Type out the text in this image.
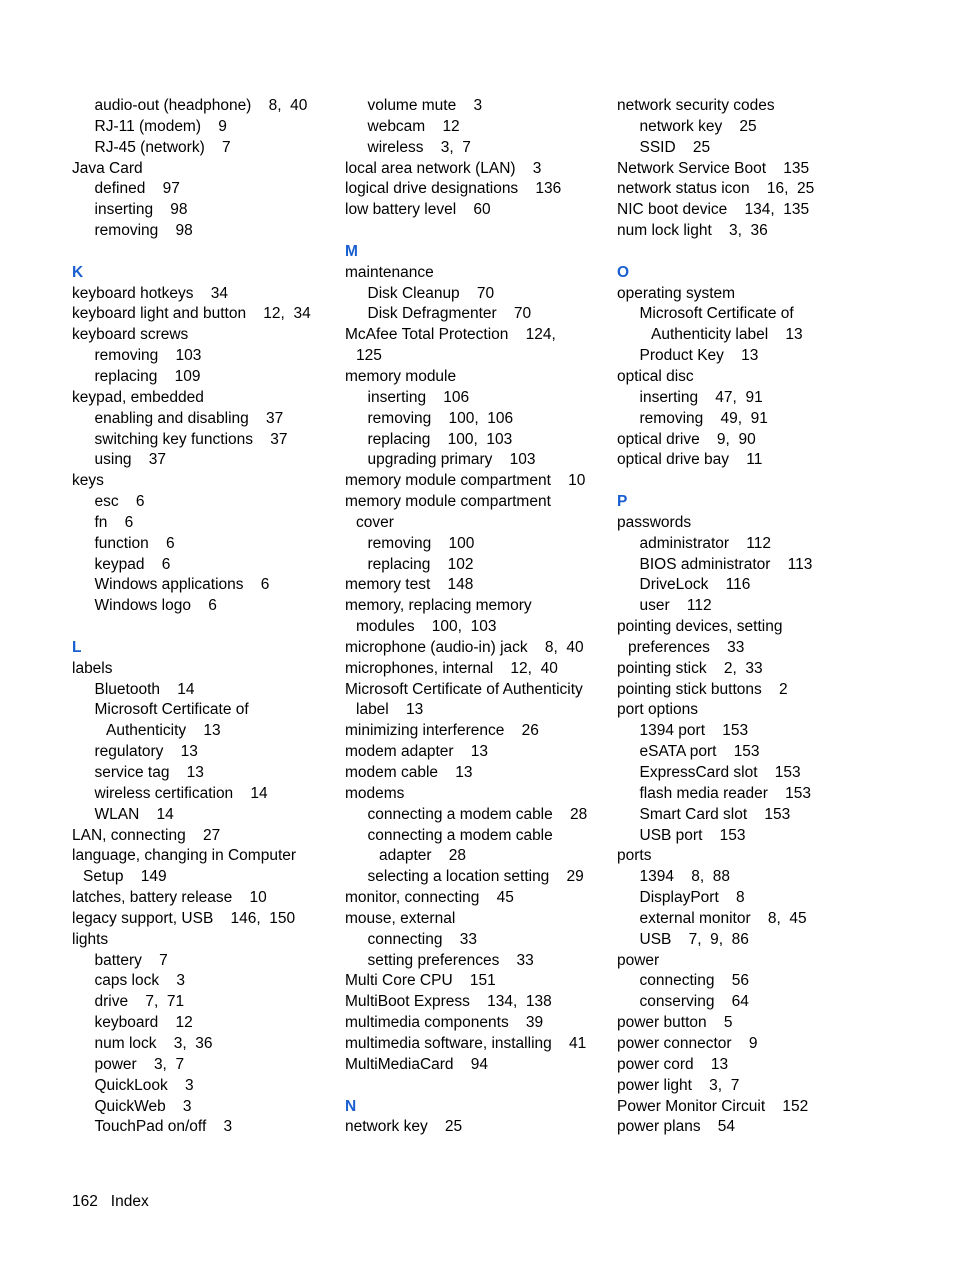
audio-out (headphone)    8,  40
RJ-11 (modem)    9
RJ-45 (network)    7
Java Card
defined    97
inserting    98
removing    98
K
keyboard hotkeys    34
keyboard light and button    12,  34
keyboard screws
removing    103
replacing    109
keypad, embedded
enabling and disabling    37
switching key functions    37
using    37
keys
esc    6
fn    6
function    6
keypad    6
Windows applications    6
Windows logo    6
L
labels
Bluetooth    14
Microsoft Certificate of
Authenticity    13
regulatory    13
service tag    13
wireless certification    14
WLAN    14
LAN, connecting    27
language, changing in Computer
Setup    149
latches, battery release    10
legacy support, USB    146,  150
lights
battery    7
caps lock    3
drive    7,  71
keyboard    12
num lock    3,  36
power    3,  7
QuickLook    3
QuickWeb    3
TouchPad on/off    3
volume mute    3
webcam    12
wireless    3,  7
local area network (LAN)    3
logical drive designations    136
low battery level    60
M
maintenance
Disk Cleanup    70
Disk Defragmenter    70
McAfee Total Protection    124,
125
memory module
inserting    106
removing    100,  106
replacing    100,  103
upgrading primary    103
memory module compartment    10
memory module compartment
cover
removing    100
replacing    102
memory test    148
memory, replacing memory
modules    100,  103
microphone (audio-in) jack    8,  40
microphones, internal    12,  40
Microsoft Certificate of Authenticity
label    13
minimizing interference    26
modem adapter    13
modem cable    13
modems
connecting a modem cable    28
connecting a modem cable
adapter    28
selecting a location setting    29
monitor, connecting    45
mouse, external
connecting    33
setting preferences    33
Multi Core CPU    151
MultiBoot Express    134,  138
multimedia components    39
multimedia software, installing    41
MultiMediaCard    94
N
network key    25
network security codes
network key    25
SSID    25
Network Service Boot    135
network status icon    16,  25
NIC boot device    134,  135
num lock light    3,  36
O
operating system
Microsoft Certificate of
Authenticity label    13
Product Key    13
optical disc
inserting    47,  91
removing    49,  91
optical drive    9,  90
optical drive bay    11
P
passwords
administrator    112
BIOS administrator    113
DriveLock    116
user    112
pointing devices, setting
preferences    33
pointing stick    2,  33
pointing stick buttons    2
port options
1394 port    153
eSATA port    153
ExpressCard slot    153
flash media reader    153
Smart Card slot    153
USB port    153
ports
1394    8,  88
DisplayPort    8
external monitor    8,  45
USB    7,  9,  86
power
connecting    56
conserving    64
power button    5
power connector    9
power cord    13
power light    3,  7
Power Monitor Circuit    152
power plans    54
162 Index
